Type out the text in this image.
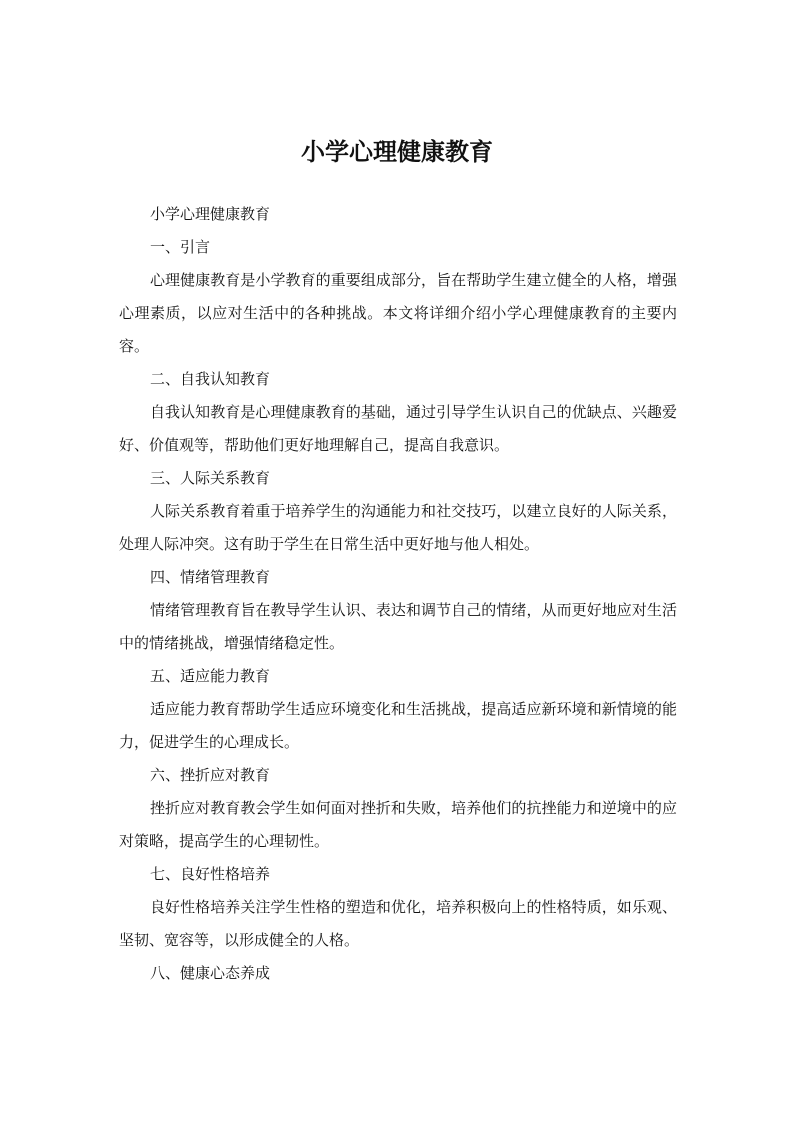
小学心理健康教育

小学心理健康教育

一、引言

心理健康教育是小学教育的重要组成部分，旨在帮助学生建立健全的人格，增强心理素质，以应对生活中的各种挑战。本文将详细介绍小学心理健康教育的主要内容。

二、自我认知教育

自我认知教育是心理健康教育的基础，通过引导学生认识自己的优缺点、兴趣爱好、价值观等，帮助他们更好地理解自己，提高自我意识。

三、人际关系教育

人际关系教育着重于培养学生的沟通能力和社交技巧，以建立良好的人际关系，处理人际冲突。这有助于学生在日常生活中更好地与他人相处。

四、情绪管理教育

情绪管理教育旨在教导学生认识、表达和调节自己的情绪，从而更好地应对生活中的情绪挑战，增强情绪稳定性。

五、适应能力教育

适应能力教育帮助学生适应环境变化和生活挑战，提高适应新环境和新情境的能力，促进学生的心理成长。

六、挫折应对教育

挫折应对教育教会学生如何面对挫折和失败，培养他们的抗挫能力和逆境中的应对策略，提高学生的心理韧性。

七、良好性格培养

良好性格培养关注学生性格的塑造和优化，培养积极向上的性格特质，如乐观、坚韧、宽容等，以形成健全的人格。

八、健康心态养成
